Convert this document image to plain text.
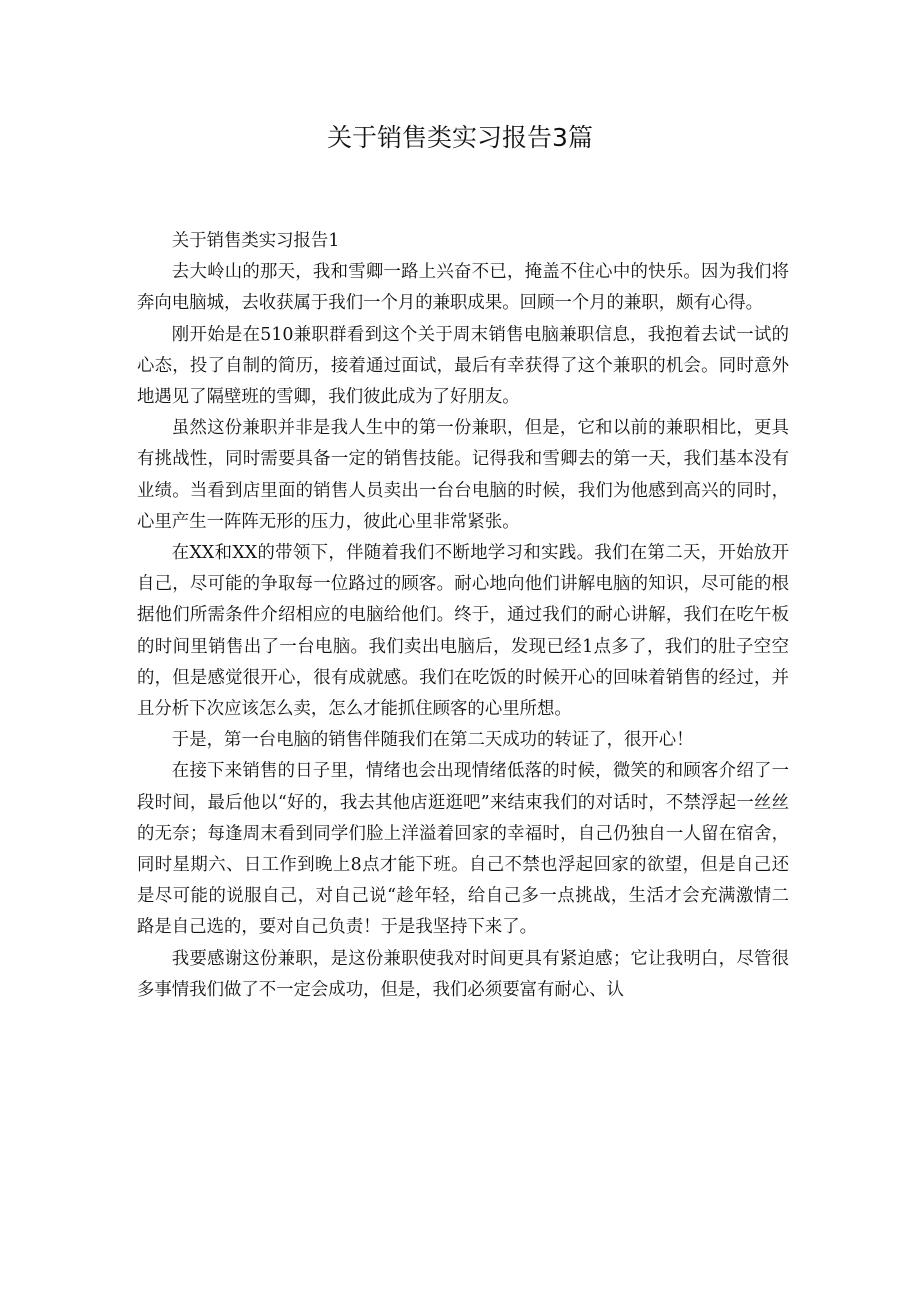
关于销售类实习报告3篇

关于销售类实习报告1

去大岭山的那天，我和雪卿一路上兴奋不已，掩盖不住心中的快乐。因为我们将奔向电脑城，去收获属于我们一个月的兼职成果。回顾一个月的兼职，颇有心得。

刚开始是在510兼职群看到这个关于周末销售电脑兼职信息，我抱着去试一试的心态，投了自制的简历，接着通过面试，最后有幸获得了这个兼职的机会。同时意外地遇见了隔壁班的雪卿，我们彼此成为了好朋友。

虽然这份兼职并非是我人生中的第一份兼职，但是，它和以前的兼职相比，更具有挑战性，同时需要具备一定的销售技能。记得我和雪卿去的第一天，我们基本没有业绩。当看到店里面的销售人员卖出一台台电脑的时候，我们为他感到高兴的同时，心里产生一阵阵无形的压力，彼此心里非常紧张。

在XX和XX的带领下，伴随着我们不断地学习和实践。我们在第二天，开始放开自己，尽可能的争取每一位路过的顾客。耐心地向他们讲解电脑的知识，尽可能的根据他们所需条件介绍相应的电脑给他们。终于，通过我们的耐心讲解，我们在吃午板的时间里销售出了一台电脑。我们卖出电脑后，发现已经1点多了，我们的肚子空空的，但是感觉很开心，很有成就感。我们在吃饭的时候开心的回味着销售的经过，并且分析下次应该怎么卖，怎么才能抓住顾客的心里所想。

于是，第一台电脑的销售伴随我们在第二天成功的转证了，很开心！

在接下来销售的日子里，情绪也会出现情绪低落的时候，微笑的和顾客介绍了一段时间，最后他以“好的，我去其他店逛逛吧”来结束我们的对话时，不禁浮起一丝丝的无奈；每逢周末看到同学们脸上洋溢着回家的幸福时，自己仍独自一人留在宿舍，同时星期六、日工作到晚上8点才能下班。自己不禁也浮起回家的欲望，但是自己还是尽可能的说服自己，对自己说“趁年轻，给自己多一点挑战，生活才会充满激情二路是自己选的，要对自己负责！于是我坚持下来了。

我要感谢这份兼职，是这份兼职使我对时间更具有紧迫感；它让我明白，尽管很多事情我们做了不一定会成功，但是，我们必须要富有耐心、认
